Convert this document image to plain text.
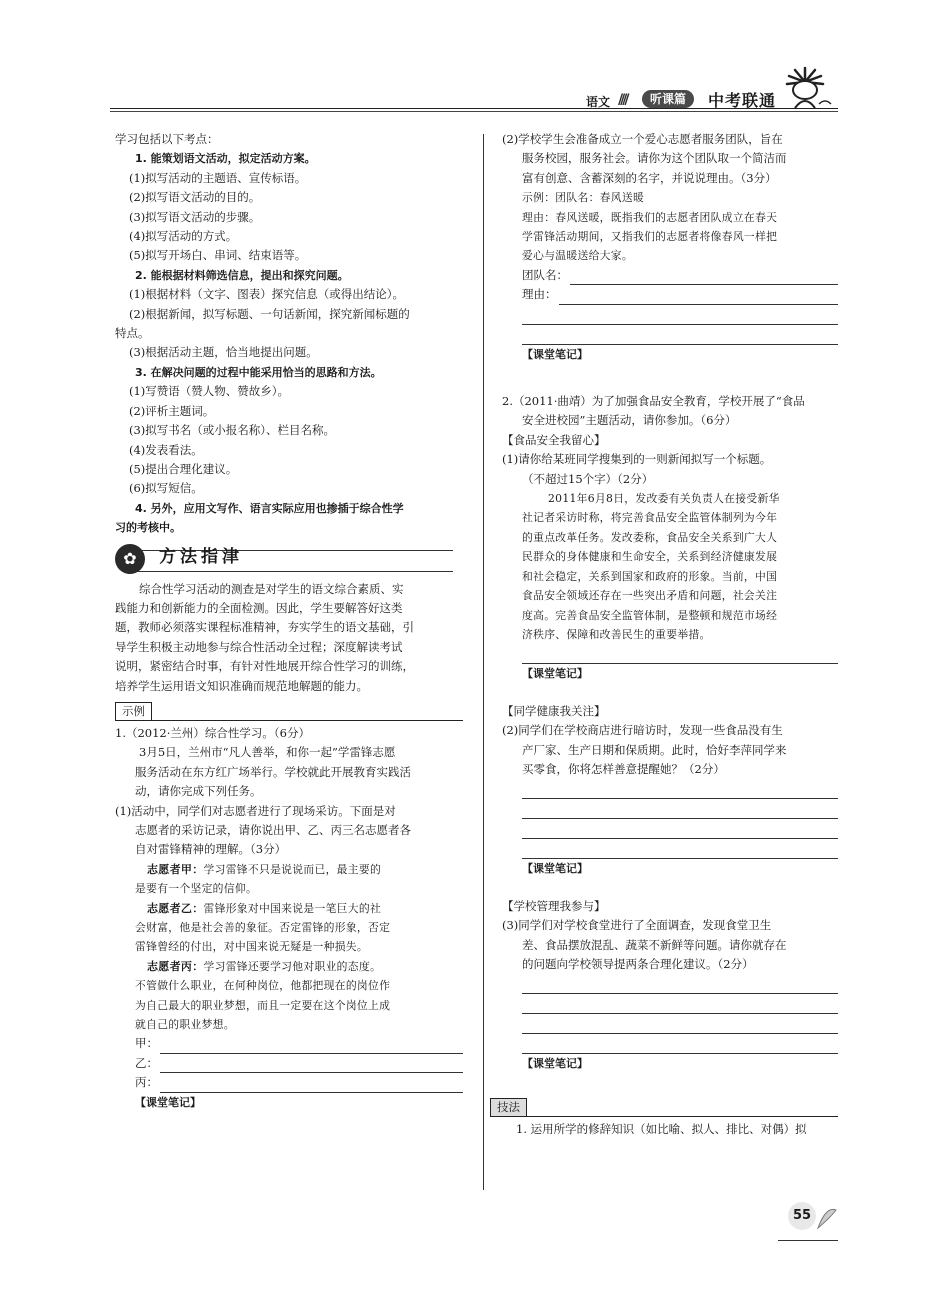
语文 ////	听课篇	中考联通

学习包括以下考点：

1. 能策划语文活动，拟定活动方案。

(1)拟写活动的主题语、宣传标语。

(2)拟写语文活动的目的。

(3)拟写语文活动的步骤。

(4)拟写活动的方式。

(5)拟写开场白、串词、结束语等。

2. 能根据材料筛选信息，提出和探究问题。

(1)根据材料（文字、图表）探究信息（或得出结论）。

(2)根据新闻，拟写标题、一句话新闻，探究新闻标题的

特点。

(3)根据活动主题，恰当地提出问题。

3. 在解决问题的过程中能采用恰当的思路和方法。

(1)写赞语（赞人物、赞故乡）。

(2)评析主题词。

(3)拟写书名（或小报名称）、栏目名称。

(4)发表看法。

(5)提出合理化建议。

(6)拟写短信。

4. 另外，应用文写作、语言实际应用也掺插于综合性学

习的考核中。

✿	方法指津

综合性学习活动的测查是对学生的语文综合素质、实

践能力和创新能力的全面检测。因此，学生要解答好这类

题，教师必须落实课程标准精神，夯实学生的语文基础，引

导学生积极主动地参与综合性活动全过程；深度解读考试

说明，紧密结合时事，有针对性地展开综合性学习的训练，

培养学生运用语文知识准确而规范地解题的能力。

示例

1.（2012·兰州）综合性学习。（6分）

3月5日，兰州市“凡人善举，和你一起”学雷锋志愿

服务活动在东方红广场举行。学校就此开展教育实践活

动，请你完成下列任务。

(1)活动中，同学们对志愿者进行了现场采访。下面是对

志愿者的采访记录，请你说出甲、乙、丙三名志愿者各

自对雷锋精神的理解。（3分）

志愿者甲：学习雷锋不只是说说而已，最主要的

是要有一个坚定的信仰。

志愿者乙：雷锋形象对中国来说是一笔巨大的社

会财富，他是社会善的象征。否定雷锋的形象，否定

雷锋曾经的付出，对中国来说无疑是一种损失。

志愿者丙：学习雷锋还要学习他对职业的态度。

不管做什么职业，在何种岗位，他都把现在的岗位作

为自己最大的职业梦想，而且一定要在这个岗位上成

就自己的职业梦想。

甲：
乙：
丙：

【课堂笔记】

(2)学校学生会准备成立一个爱心志愿者服务团队，旨在

服务校园，服务社会。请你为这个团队取一个简洁而

富有创意、含蓄深刻的名字，并说说理由。（3分）

示例：团队名：春风送暖

理由：春风送暖，既指我们的志愿者团队成立在春天

学雷锋活动期间，又指我们的志愿者将像春风一样把

爱心与温暖送给大家。

团队名：
理由：

【课堂笔记】

2.（2011·曲靖）为了加强食品安全教育，学校开展了“食品

安全进校园”主题活动，请你参加。（6分）

【食品安全我留心】

(1)请你给某班同学搜集到的一则新闻拟写一个标题。

（不超过15个字）（2分）

2011年6月8日，发改委有关负责人在接受新华

社记者采访时称，将完善食品安全监管体制列为今年

的重点改革任务。发改委称，食品安全关系到广大人

民群众的身体健康和生命安全，关系到经济健康发展

和社会稳定，关系到国家和政府的形象。当前，中国

食品安全领域还存在一些突出矛盾和问题，社会关注

度高。完善食品安全监管体制，是整顿和规范市场经

济秩序、保障和改善民生的重要举措。

【课堂笔记】

【同学健康我关注】

(2)同学们在学校商店进行暗访时，发现一些食品没有生

产厂家、生产日期和保质期。此时，恰好李萍同学来

买零食，你将怎样善意提醒她？（2分）

【课堂笔记】

【学校管理我参与】

(3)同学们对学校食堂进行了全面调查，发现食堂卫生

差、食品摆放混乱、蔬菜不新鲜等问题。请你就存在

的问题向学校领导提两条合理化建议。（2分）

【课堂笔记】

技法

1. 运用所学的修辞知识（如比喻、拟人、排比、对偶）拟

55
